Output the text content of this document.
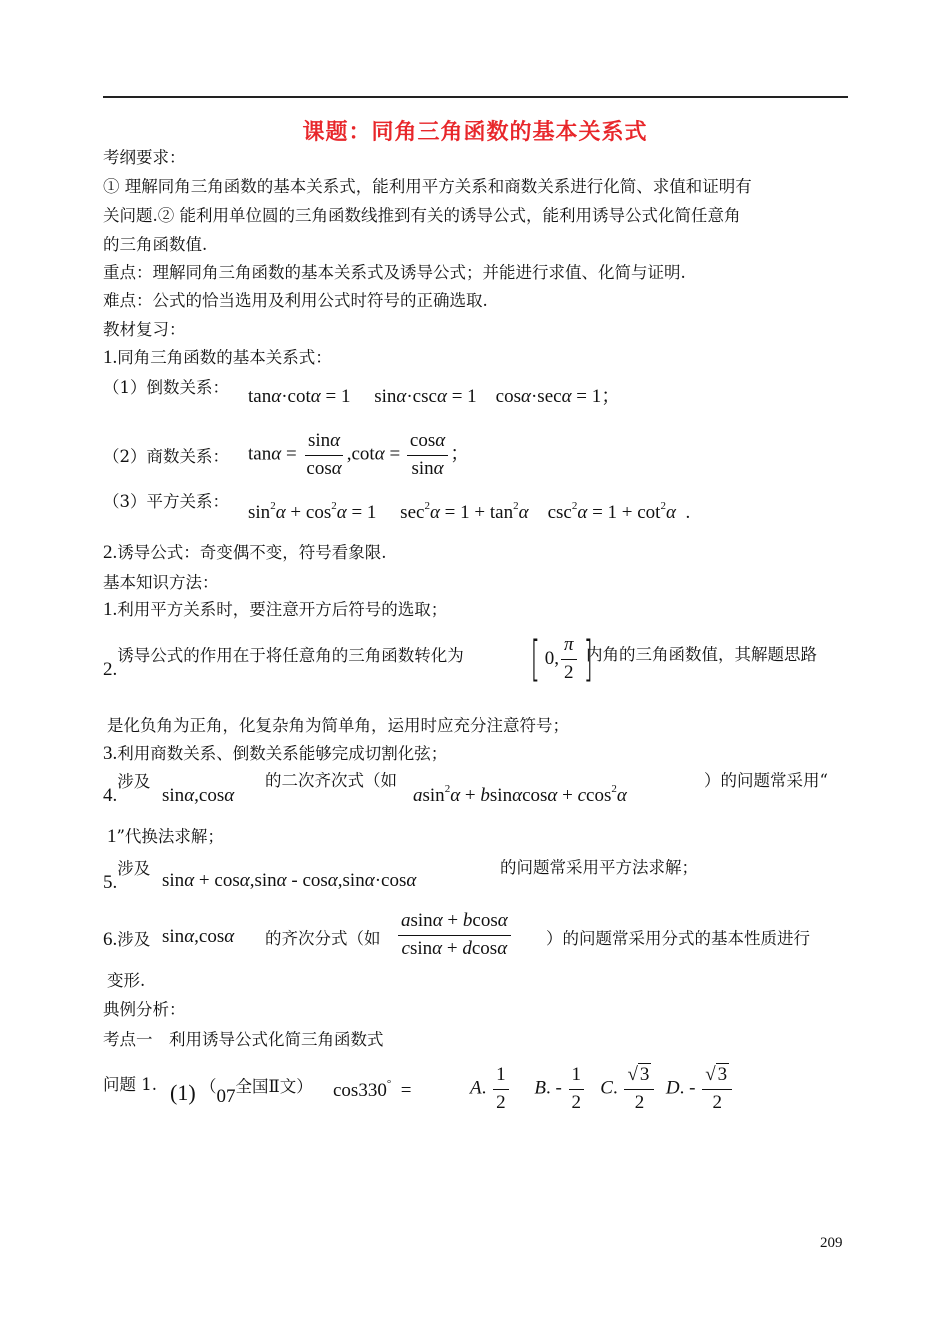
课题：同角三角函数的基本关系式
考纲要求：
① 理解同角三角函数的基本关系式，能利用平方关系和商数关系进行化简、求值和证明有
关问题.② 能利用单位圆的三角函数线推到有关的诱导公式，能利用诱导公式化简任意角
的三角函数值.
重点：理解同角三角函数的基本关系式及诱导公式；并能进行求值、化简与证明.
难点：公式的恰当选用及利用公式时符号的正确选取.
教材复习：
1.同角三角函数的基本关系式：
（1）倒数关系： tanα·cotα = 1     sinα·cscα = 1    cosα·secα = 1；
（2）商数关系： $\tan\alpha = \frac{\sin\alpha}{\cos\alpha} ,\cot\alpha = \frac{\cos\alpha}{\sin\alpha}$ ；
（3）平方关系：
$\sin^2\alpha + \cos^2\alpha = 1$     $\sec^2\alpha = 1 + \tan^2\alpha$    $\csc^2\alpha = 1 + \cot^2\alpha$  .
2.诱导公式：奇变偶不变，符号看象限.
基本知识方法：
1.利用平方关系时，要注意开方后符号的选取；
2.诱导公式的作用在于将任意角的三角函数转化为 [ 0, $\frac{\pi}{2}$ ]
内角的三角函数值，其解题思路
是化负角为正角，化复杂角为简单角，运用时应充分注意符号；
3.利用商数关系、倒数关系能够完成切割化弦；
4.涉及
sinα,cosα
的二次齐次式（如
asin$^2$α + bsinαcosα + ccos$^2$α
）的问题常采用“
1”代换法求解；
5.涉及
sinα + cosα,sinα - cosα,sinα·cosα
的问题常采用平方法求解；
6.涉及 sinα,cosα 的齐次分式（如 $\frac{asin\alpha + bcos\alpha}{csin\alpha + dcos\alpha}$ ）的问题常采用分式的基本性质进行
变形.
典例分析：
考点一　利用诱导公式化简三角函数式
问题 1. (1) （07全国Ⅱ文） cos330°  =	A. $\frac{1}{2} B$. - $\frac{1}{2} C$. $\frac{√ 3}{2} D$. - $\frac{√ 3}{2}$
209
